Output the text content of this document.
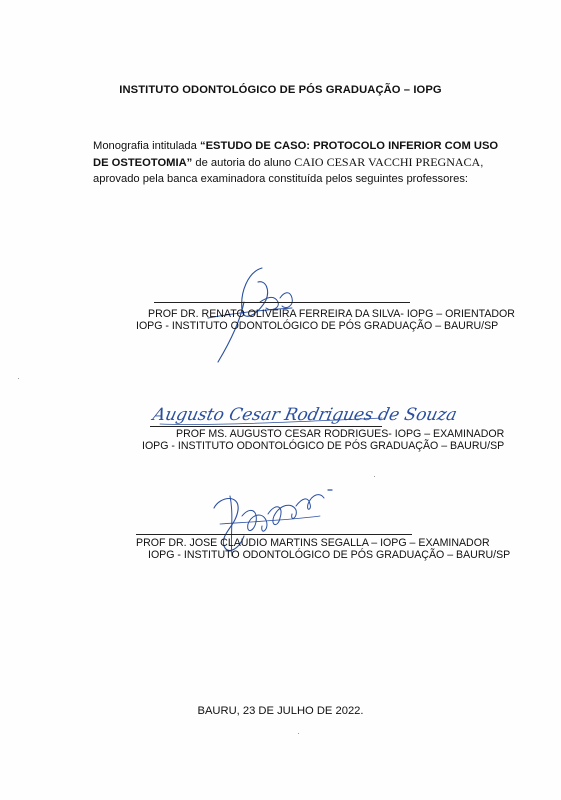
INSTITUTO ODONTOLÓGICO DE PÓS GRADUAÇÃO – IOPG
Monografia intitulada “ESTUDO DE CASO: PROTOCOLO INFERIOR COM USO DE OSTEOTOMIA” de autoria do aluno CAIO CESAR VACCHI PREGNACA, aprovado pela banca examinadora constituída pelos seguintes professores:
PROF DR. RENATO OLIVEIRA FERREIRA DA SILVA- IOPG – ORIENTADOR
IOPG - INSTITUTO ODONTOLÓGICO DE PÓS GRADUAÇÃO – BAURU/SP
Augusto Cesar Rodrigues de Souza
PROF MS. AUGUSTO CESAR RODRIGUES- IOPG – EXAMINADOR
IOPG - INSTITUTO ODONTOLÓGICO DE PÓS GRADUAÇÃO – BAURU/SP
PROF DR. JOSE CLAUDIO MARTINS SEGALLA – IOPG – EXAMINADOR
IOPG - INSTITUTO ODONTOLÓGICO DE PÓS GRADUAÇÃO – BAURU/SP
BAURU, 23 DE JULHO DE 2022.
